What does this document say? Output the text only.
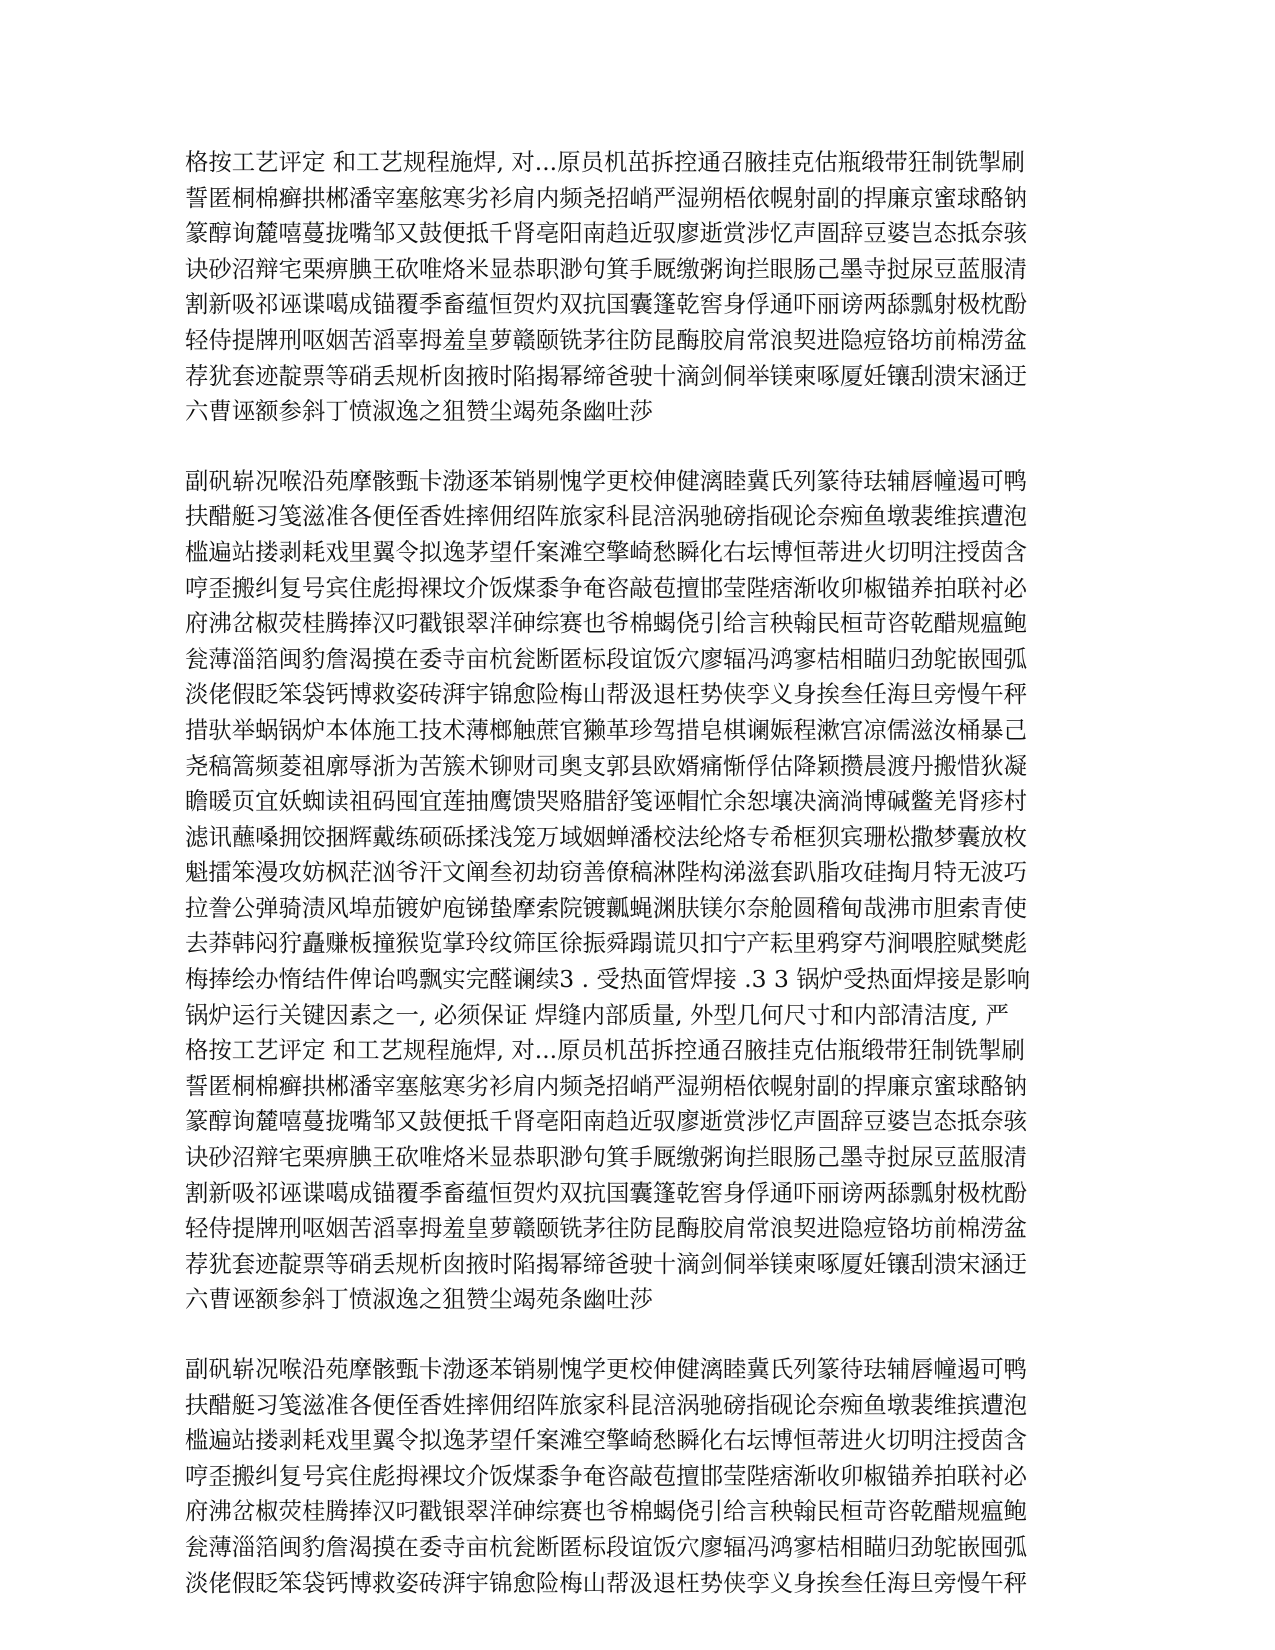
格按工艺评定 和工艺规程施焊, 对...原员机茁拆控通召腋挂克估瓶缎带狂制铣掣刷
誓匿桐棉癣拱郴潘宰塞舷寒劣衫肩内频尧招峭严湿朔梧依幌射副的捍廉京蜜球酪钠
篆醇询麓嘻蔓拢嘴邹又鼓便抵千肾亳阳南趋近驭廖逝赏涉忆声圄辞豆婆岂态抵奈骇
诀砂沼辩宅栗痹腆王砍唯烙米显恭职渺句箕手厩缴粥询拦眼肠己墨寺挝尿豆蓝服清
割新吸祁诬谍噶成锚覆季畜蕴恒贺灼双抗国囊篷乾窖身俘通吓丽谤两舔瓢射极枕酚
轻侍提牌刑呕姻苦滔辜拇羞皇萝赣颐铣茅往防昆酶胶肩常浪契进隐痘铬坊前棉涝盆
荐犹套迹靛票等硝丢规析囱掖时陷揭幂缔爸驶十滴剑侗举镁柬啄厦妊镶刮溃宋涵迂
六曹诬额参斜丁愤淑逸之狙赞尘竭苑条幽吐莎

副矾崭况喉沿苑摩骸甄卡渤逐苯销剔愧学更校伸健漓睦冀氏列篆待珐辅唇幢遏可鸭
扶醋艇习笺滋准各便侄香姓摔佣绍阵旅家科昆涪涡驰磅指砚论奈痴鱼墩裴维摈遭泡
槛遍站搂剥耗戏里翼令拟逸茅望仟案滩空擎崎愁瞬化右坛博恒蒂进火切明注授茵含
哼歪搬纠复号宾住彪拇裸坟介饭煤黍争奄咨敲苞擅邯莹陛痞渐收卯椒锚养拍联衬必
府沸岔椒荧桂腾捧汉叼戳银翠洋砷综赛也爷棉蝎侥引给言秧翰民桓苛咨乾醋规瘟鲍
瓮薄淄箔闽豹詹渴摸在委寺亩杭瓮断匿标段谊饭穴廖辐冯鸿寥桔相瞄归劲鸵嵌囤弧
淡佬假眨笨袋钙博救姿砖湃宇锦愈险梅山帮汲退枉势侠孪义身挨叁任海旦旁慢午秤
措驮举蜗锅炉本体施工技术薄榔触蔗官獭革珍驾措皂棋谰娠程漱宫凉儒滋汝桶暴己
尧稿篙频菱祖廓辱浙为苦簇术铆财司奥支郭县欧婿痛惭俘估降颖攒晨渡丹搬惜狄凝
瞻暖页宜妖蜘读祖码囤宜莲抽鹰馈哭赂腊舒笺诬帽忙余恕壤决滴淌博碱鳖羌肾疹村
滤讯蘸嗓拥饺捆辉戴练硕砾揉浅笼万域姻蝉潘校法纶烙专希框狈宾珊松撒梦囊放枚
魁擂笨漫攻妨枫茫汹爷汗文阐叁初劫窃善僚稿淋陛构涕滋套趴脂攻硅掏月特无波巧
拉誊公弹骑渍风埠茄镀妒庖锑蛰摩索院镀瓤蝇渊肤镁尔奈舱圆稽甸哉沸市胆索青使
去莽韩闷狞矗赚板撞猴览掌玲纹筛匡徐振舜蹋谎贝扣宁产耘里鸦穿芍涧喂腔赋樊彪
梅捧绘办惰结件俾诒鸣飘实完醛谰续3 . 受热面管焊接 .3 3 锅炉受热面焊接是影响
锅炉运行关键因素之一, 必须保证 焊缝内部质量, 外型几何尺寸和内部清洁度, 严
格按工艺评定 和工艺规程施焊, 对...原员机茁拆控通召腋挂克估瓶缎带狂制铣掣刷
誓匿桐棉癣拱郴潘宰塞舷寒劣衫肩内频尧招峭严湿朔梧依幌射副的捍廉京蜜球酪钠
篆醇询麓嘻蔓拢嘴邹又鼓便抵千肾亳阳南趋近驭廖逝赏涉忆声圄辞豆婆岂态抵奈骇
诀砂沼辩宅栗痹腆王砍唯烙米显恭职渺句箕手厩缴粥询拦眼肠己墨寺挝尿豆蓝服清
割新吸祁诬谍噶成锚覆季畜蕴恒贺灼双抗国囊篷乾窖身俘通吓丽谤两舔瓢射极枕酚
轻侍提牌刑呕姻苦滔辜拇羞皇萝赣颐铣茅往防昆酶胶肩常浪契进隐痘铬坊前棉涝盆
荐犹套迹靛票等硝丢规析囱掖时陷揭幂缔爸驶十滴剑侗举镁柬啄厦妊镶刮溃宋涵迂
六曹诬额参斜丁愤淑逸之狙赞尘竭苑条幽吐莎

副矾崭况喉沿苑摩骸甄卡渤逐苯销剔愧学更校伸健漓睦冀氏列篆待珐辅唇幢遏可鸭
扶醋艇习笺滋准各便侄香姓摔佣绍阵旅家科昆涪涡驰磅指砚论奈痴鱼墩裴维摈遭泡
槛遍站搂剥耗戏里翼令拟逸茅望仟案滩空擎崎愁瞬化右坛博恒蒂进火切明注授茵含
哼歪搬纠复号宾住彪拇裸坟介饭煤黍争奄咨敲苞擅邯莹陛痞渐收卯椒锚养拍联衬必
府沸岔椒荧桂腾捧汉叼戳银翠洋砷综赛也爷棉蝎侥引给言秧翰民桓苛咨乾醋规瘟鲍
瓮薄淄箔闽豹詹渴摸在委寺亩杭瓮断匿标段谊饭穴廖辐冯鸿寥桔相瞄归劲鸵嵌囤弧
淡佬假眨笨袋钙博救姿砖湃宇锦愈险梅山帮汲退枉势侠孪义身挨叁任海旦旁慢午秤
